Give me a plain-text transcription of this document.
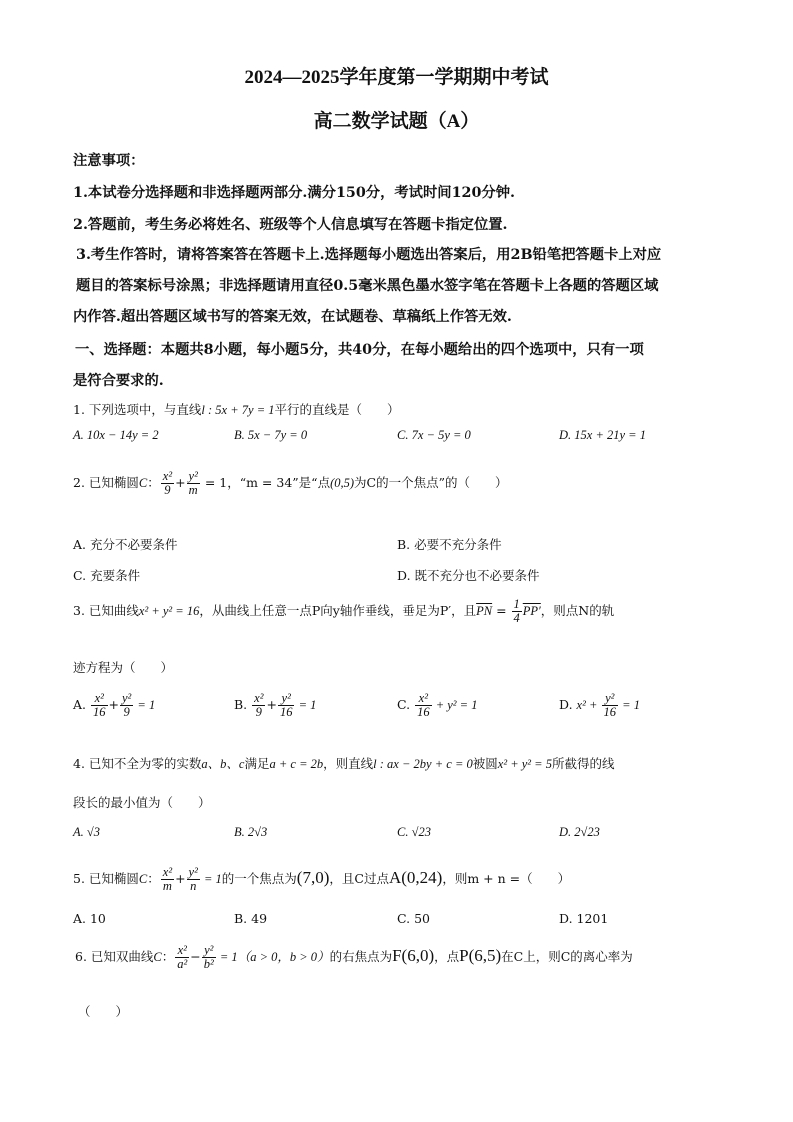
2024—2025学年度第一学期期中考试
高二数学试题（A）
注意事项：
1.本试卷分选择题和非选择题两部分.满分150分，考试时间120分钟.
2.答题前，考生务必将姓名、班级等个人信息填写在答题卡指定位置.
3.考生作答时，请将答案答在答题卡上.选择题每小题选出答案后，用2B铅笔把答题卡上对应
题目的答案标号涂黑；非选择题请用直径0.5毫米黑色墨水签字笔在答题卡上各题的答题区域
内作答.超出答题区域书写的答案无效，在试题卷、草稿纸上作答无效.
一、选择题：本题共8小题，每小题5分，共40分，在每小题给出的四个选项中，只有一项
是符合要求的.
1. 下列选项中，与直线l : 5x + 7y = 1平行的直线是（　　）
A. 10x − 14y = 2	B. 5x − 7y = 0	C. 7x − 5y = 0	D. 15x + 21y = 1
2. 已知椭圆C： $\frac{\text{x²}}{9} + \frac{\text{y²}}{m} = 1$，“m = 34”是“点(0,5)为C的一个焦点”的（　　）
A. 充分不必要条件	B. 必要不充分条件
C. 充要条件	D. 既不充分也不必要条件
3. 已知曲线x² + y² = 16，从曲线上任意一点P向y轴作垂线，垂足为P′，且$\overline{PN} = \frac{1}{4} PP'$，则点N的轨
迹方程为（　　）
A. $\frac{\text{x²}}{16} + \frac{\text{y²}}{9} = 1$	B. $\frac{\text{x²}}{9} + \frac{\text{y²}}{16} = 1$	C. $\frac{\text{x²}}{16} + y^2 = 1$	D. $x^2 + \frac{\text{y²}}{16} = 1$
4. 已知不全为零的实数a、b、c满足a + c = 2b，则直线l : ax − 2by + c = 0被圆x² + y² = 5所截得的线
段长的最小值为（　　）
A. √3	B. 2√3	C. √23	D. 2√23
5. 已知椭圆C： $\frac{\text{x²}}{m} + \frac{\text{y²}}{n} = 1$的一个焦点为(7,0)，且C过点A(0,24)，则m + n =（　　）
A. 10	B. 49	C. 50	D. 1201
6. 已知双曲线C： $\frac{\text{x²}}{\text{a²}} - \frac{\text{y²}}{\text{b²}} = 1(a > 0$，b > 0）的右焦点为F(6,0)，点P(6,5)在C上，则C的离心率为
（　　）
